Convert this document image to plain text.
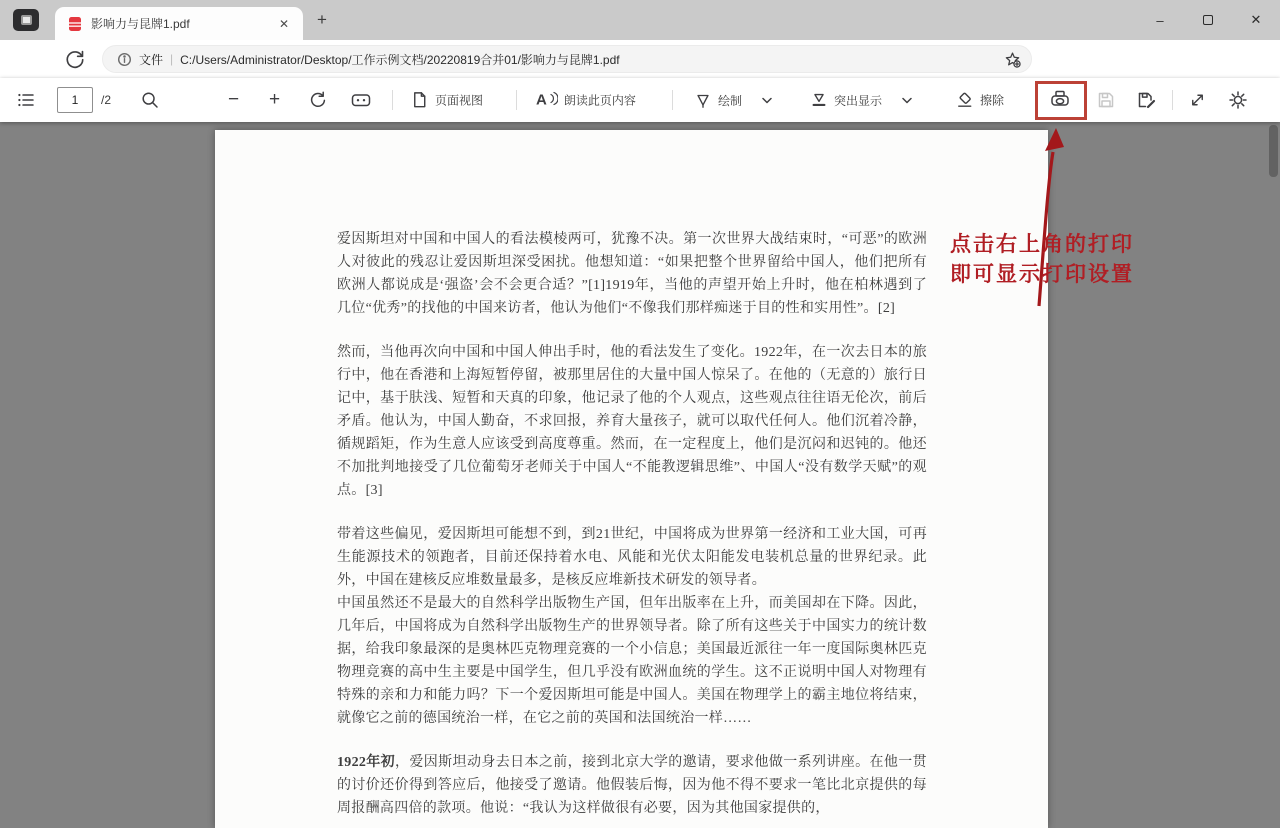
影响力与昆牌1.pdf	✕	+	–	✕
文件 | C:/Users/Administrator/Desktop/工作示例文档/20220819合并01/影响力与昆牌1.pdf
1
/2	− +	页面视图	A 朗读此页内容	绘制	突出显示	擦除

爱因斯坦对中国和中国人的看法模棱两可，犹豫不决。第一次世界大战结束时，“可恶”的欧洲人对彼此的残忍让爱因斯坦深受困扰。他想知道：“如果把整个世界留给中国人，他们把所有欧洲人都说成是‘强盗’会不会更合适？”[1]1919年，当他的声望开始上升时，他在柏林遇到了几位“优秀”的找他的中国来访者，他认为他们“不像我们那样痴迷于目的性和实用性”。[2]

然而，当他再次向中国和中国人伸出手时，他的看法发生了变化。1922年，在一次去日本的旅行中，他在香港和上海短暂停留，被那里居住的大量中国人惊呆了。在他的（无意的）旅行日记中，基于肤浅、短暂和天真的印象，他记录了他的个人观点，这些观点往往语无伦次，前后矛盾。他认为，中国人勤奋，不求回报，养育大量孩子，就可以取代任何人。他们沉着冷静，循规蹈矩，作为生意人应该受到高度尊重。然而，在一定程度上，他们是沉闷和迟钝的。他还不加批判地接受了几位葡萄牙老师关于中国人“不能教逻辑思维”、中国人“没有数学天赋”的观点。[3]

带着这些偏见，爱因斯坦可能想不到，到21世纪，中国将成为世界第一经济和工业大国，可再生能源技术的领跑者，目前还保持着水电、风能和光伏太阳能发电装机总量的世界纪录。此外，中国在建核反应堆数量最多，是核反应堆新技术研发的领导者。

中国虽然还不是最大的自然科学出版物生产国，但年出版率在上升，而美国却在下降。因此，几年后，中国将成为自然科学出版物生产的世界领导者。除了所有这些关于中国实力的统计数据，给我印象最深的是奥林匹克物理竞赛的一个小信息；美国最近派往一年一度国际奥林匹克物理竞赛的高中生主要是中国学生，但几乎没有欧洲血统的学生。这不正说明中国人对物理有特殊的亲和力和能力吗？下一个爱因斯坦可能是中国人。美国在物理学上的霸主地位将结束，就像它之前的德国统治一样，在它之前的英国和法国统治一样……

1922年初，爱因斯坦动身去日本之前，接到北京大学的邀请，要求他做一系列讲座。在他一贯的讨价还价得到答应后，他接受了邀请。他假装后悔，因为他不得不要求一笔比北京提供的每周报酬高四倍的款项。他说：“我认为这样做很有必要，因为其他国家提供的，

点击右上角的打印
即可显示打印设置
